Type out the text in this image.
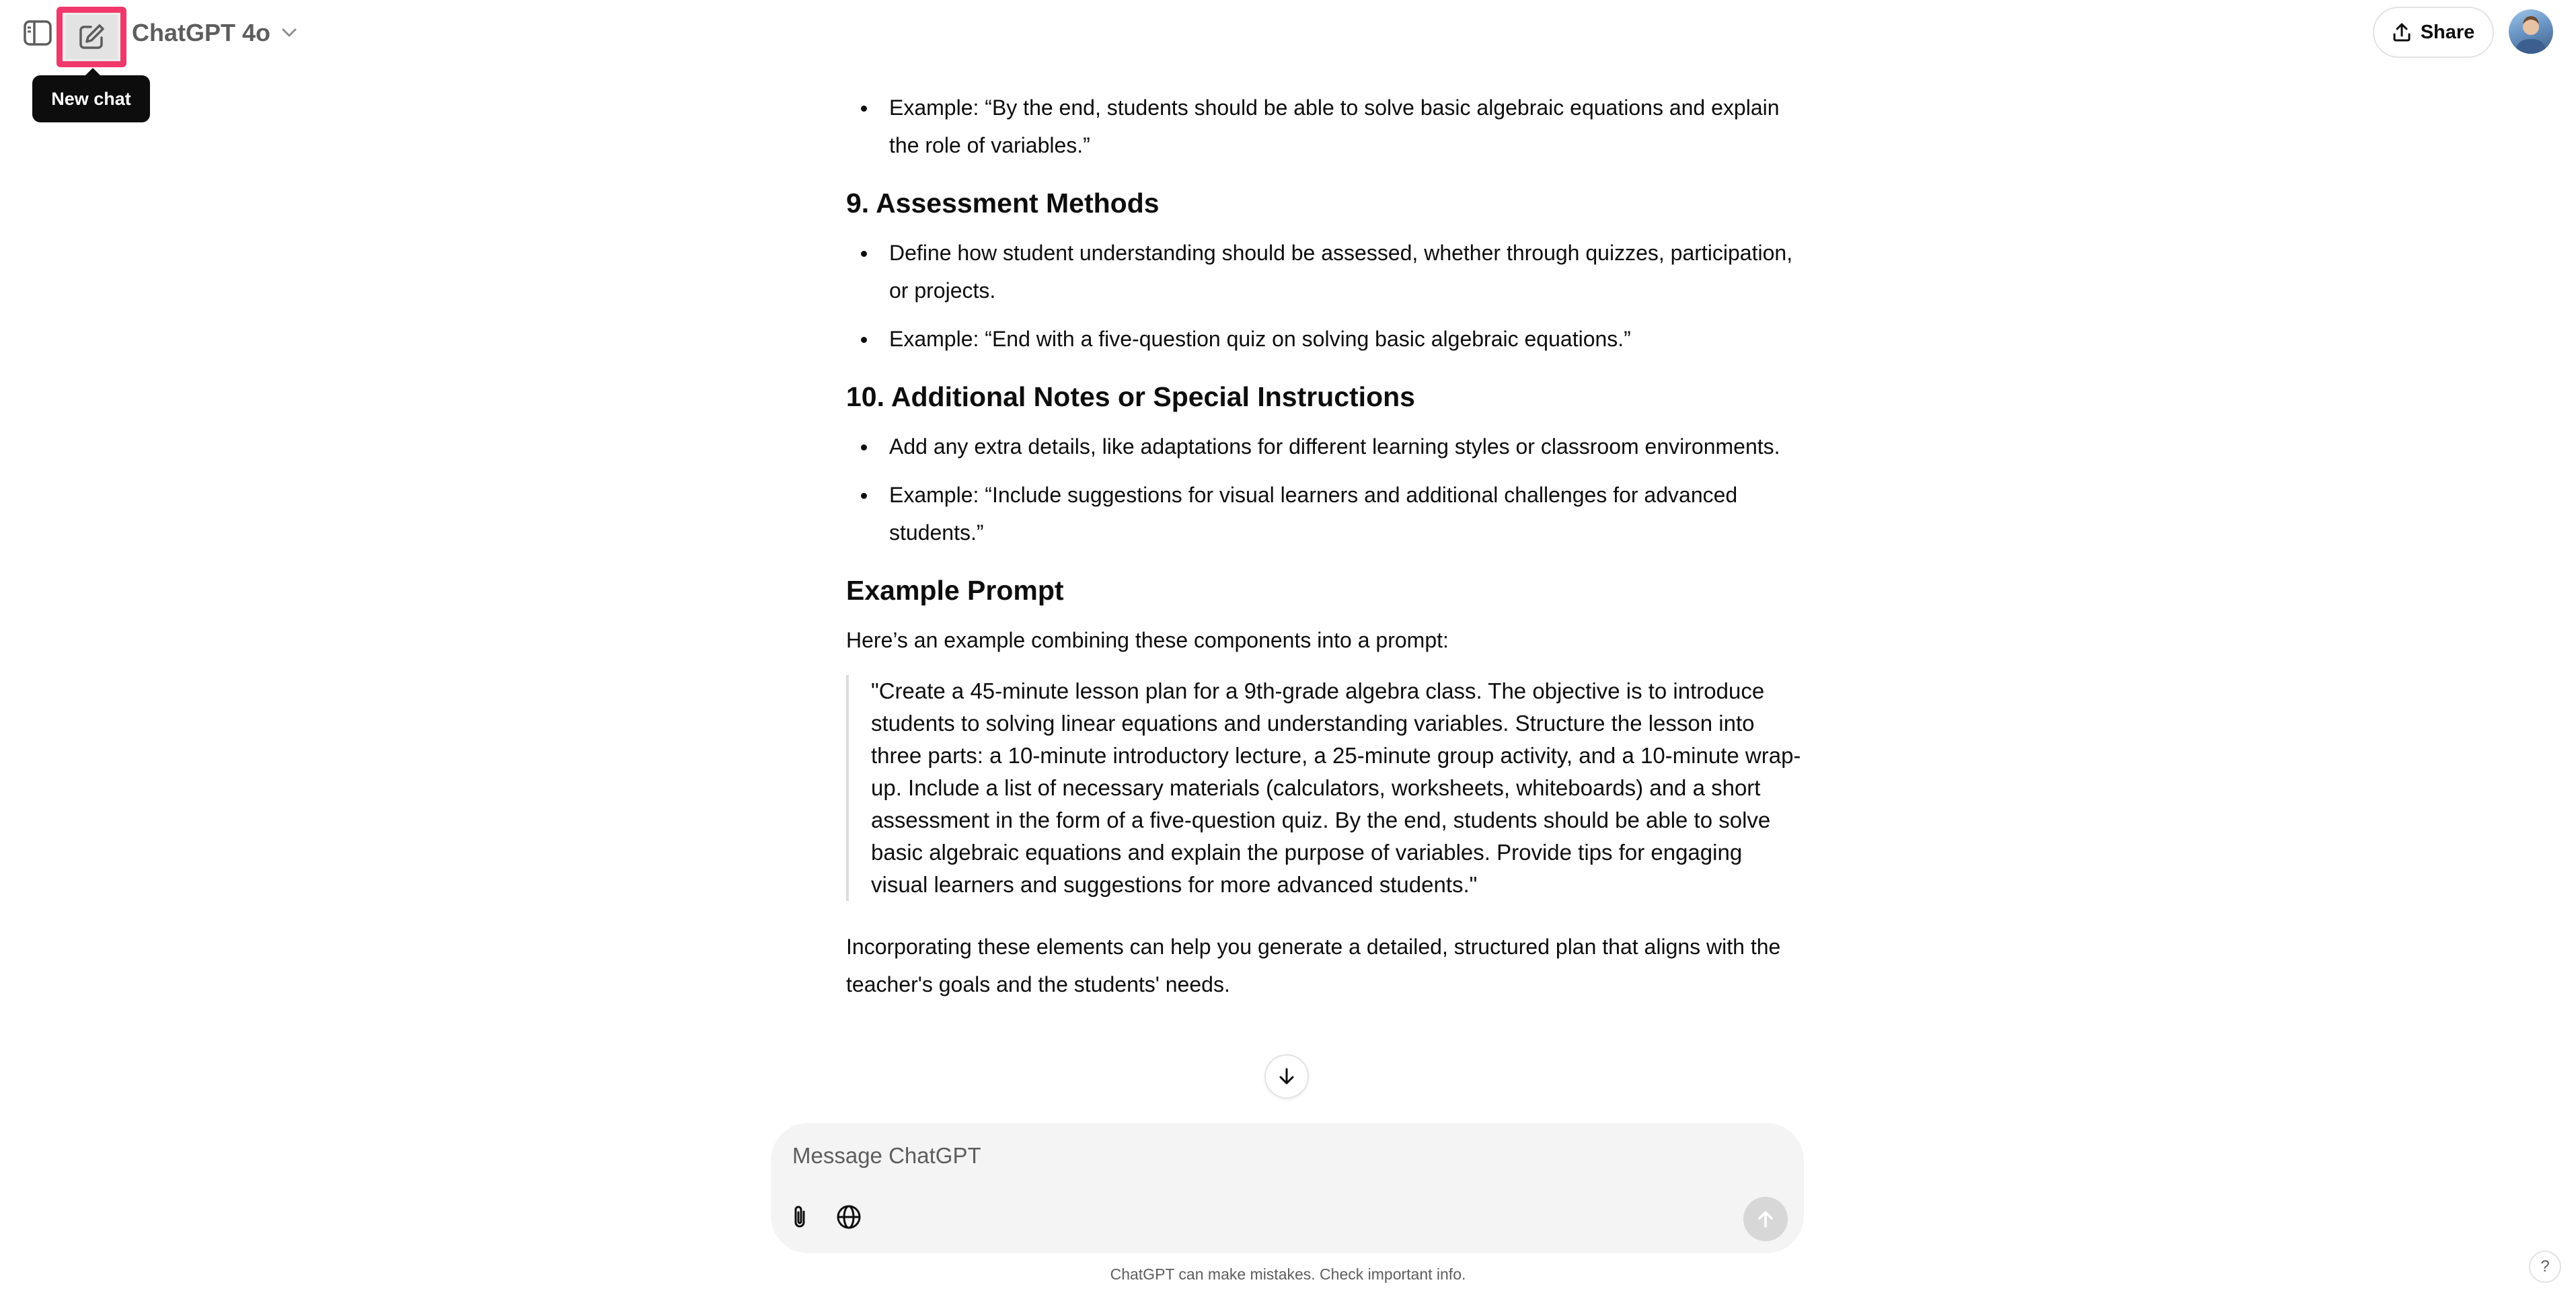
ChatGPT 4o
New chat
Share
Example: “By the end, students should be able to solve basic algebraic equations and explain the role of variables.”
9. Assessment Methods
Define how student understanding should be assessed, whether through quizzes, participation, or projects.
Example: “End with a five-question quiz on solving basic algebraic equations.”
10. Additional Notes or Special Instructions
Add any extra details, like adaptations for different learning styles or classroom environments.
Example: “Include suggestions for visual learners and additional challenges for advanced students.”
Example Prompt
Here’s an example combining these components into a prompt:
"Create a 45-minute lesson plan for a 9th-grade algebra class. The objective is to introduce students to solving linear equations and understanding variables. Structure the lesson into three parts: a 10-minute introductory lecture, a 25-minute group activity, and a 10-minute wrap-up. Include a list of necessary materials (calculators, worksheets, whiteboards) and a short assessment in the form of a five-question quiz. By the end, students should be able to solve basic algebraic equations and explain the purpose of variables. Provide tips for engaging visual learners and suggestions for more advanced students."
Incorporating these elements can help you generate a detailed, structured plan that aligns with the teacher's goals and the students' needs.
Message ChatGPT
ChatGPT can make mistakes. Check important info.	?
